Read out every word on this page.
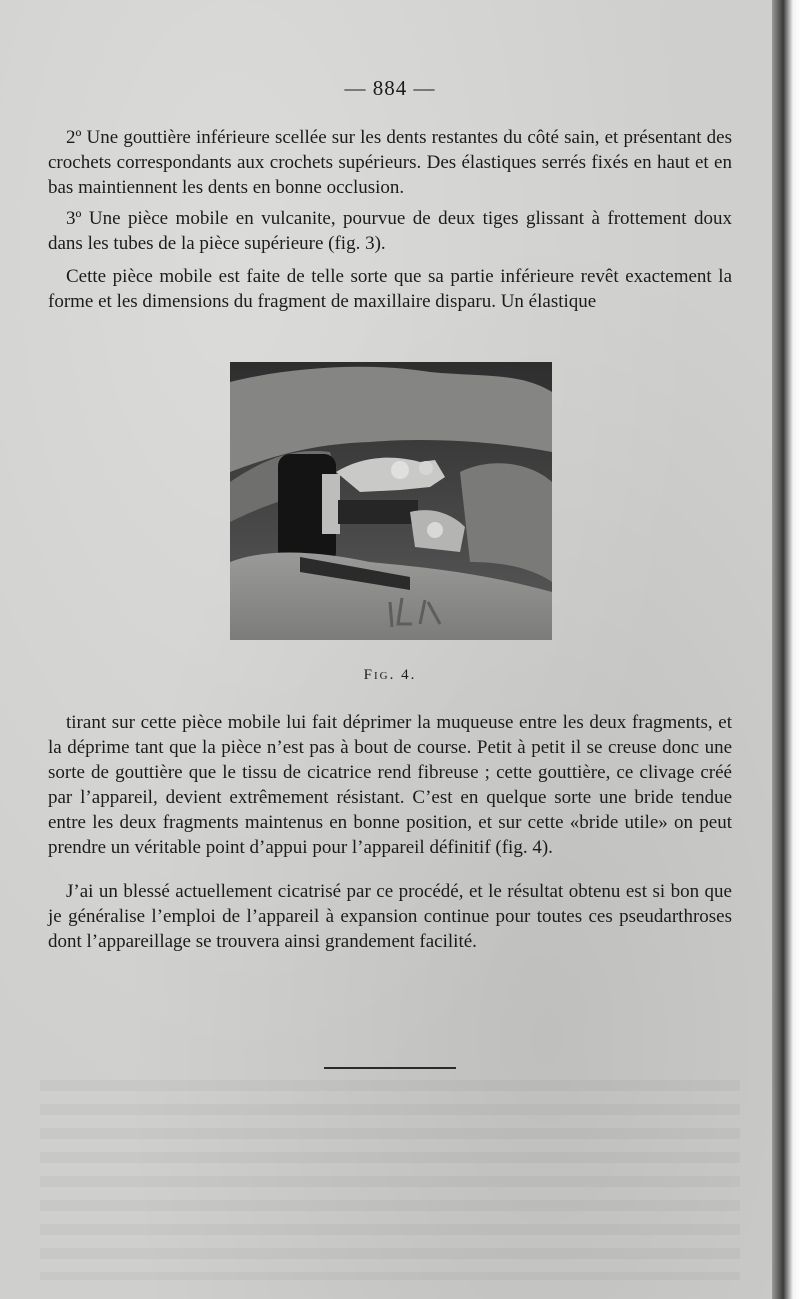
— 884 —

2º Une gouttière inférieure scellée sur les dents restantes du côté sain, et présentant des crochets correspondants aux crochets supérieurs. Des élastiques serrés fixés en haut et en bas maintiennent les dents en bonne occlusion.

3º Une pièce mobile en vulcanite, pourvue de deux tiges glissant à frottement doux dans les tubes de la pièce supérieure (fig. 3).

Cette pièce mobile est faite de telle sorte que sa partie inférieure revêt exactement la forme et les dimensions du fragment de maxillaire disparu. Un élastique

Fig. 4.

tirant sur cette pièce mobile lui fait déprimer la muqueuse entre les deux fragments, et la déprime tant que la pièce n’est pas à bout de course. Petit à petit il se creuse donc une sorte de gouttière que le tissu de cicatrice rend fibreuse ; cette gouttière, ce clivage créé par l’appareil, devient extrêmement résistant. C’est en quelque sorte une bride tendue entre les deux fragments maintenus en bonne position, et sur cette «bride utile» on peut prendre un véritable point d’appui pour l’appareil définitif (fig. 4).

J’ai un blessé actuellement cicatrisé par ce procédé, et le résultat obtenu est si bon que je généralise l’emploi de l’appareil à expansion continue pour toutes ces pseudarthroses dont l’appareillage se trouvera ainsi grandement facilité.
